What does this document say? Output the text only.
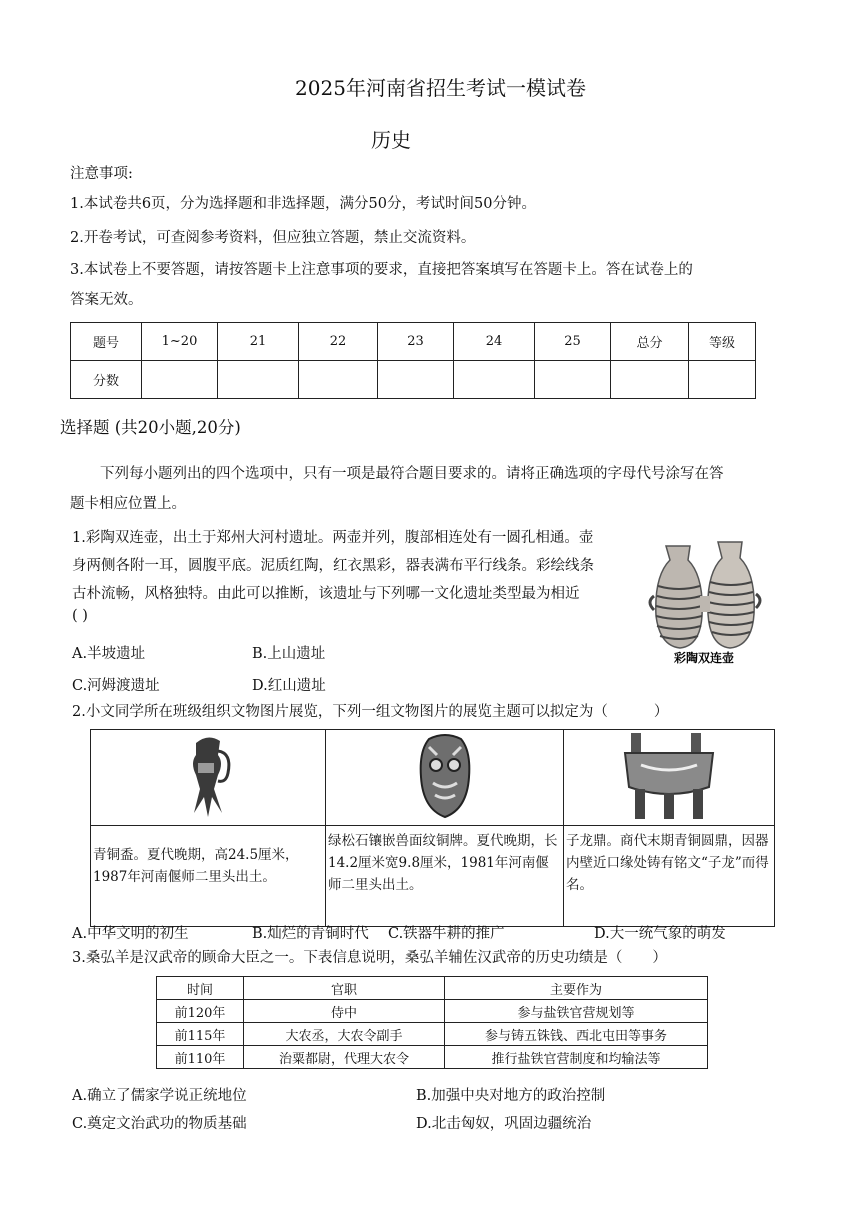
2025年河南省招生考试一模试卷
历史
注意事项:
1.本试卷共6页，分为选择题和非选择题，满分50分，考试时间50分钟。
2.开卷考试，可查阅参考资料，但应独立答题，禁止交流资料。
3.本试卷上不要答题，请按答题卡上注意事项的要求，直接把答案填写在答题卡上。答在试卷上的
答案无效。
题号	1~20	21	22	23	24	25	总分	等级
分数								
选择题 (共20小题,20分)
下列每小题列出的四个选项中，只有一项是最符合题目要求的。请将正确选项的字母代号涂写在答
题卡相应位置上。
1.彩陶双连壶，出土于郑州大河村遗址。两壶并列，腹部相连处有一圆孔相通。壶
身两侧各附一耳，圆腹平底。泥质红陶，红衣黑彩，器表满布平行线条。彩绘线条
古朴流畅，风格独特。由此可以推断，该遗址与下列哪一文化遗址类型最为相近
( )
彩陶双连壶
A.半坡遗址	B.上山遗址
C.河姆渡遗址	D.红山遗址
2.小文同学所在班级组织文物图片展览，下列一组文物图片的展览主题可以拟定为（	）

青铜盉。夏代晚期，高24.5厘米，1987年河南偃师二里头出土。	绿松石镶嵌兽面纹铜牌。夏代晚期，长14.2厘米宽9.8厘米，1981年河南偃师二里头出土。	子龙鼎。商代末期青铜圆鼎，因器内壁近口缘处铸有铭文“子龙”而得名。
A.中华文明的初生	B.灿烂的青铜时代 C.铁器牛耕的推广	D.大一统气象的萌发
3.桑弘羊是汉武帝的顾命大臣之一。下表信息说明，桑弘羊辅佐汉武帝的历史功绩是（ ）
时间	官职	主要作为
前120年	侍中	参与盐铁官营规划等
前115年	大农丞，大农令副手	参与铸五铢钱、西北屯田等事务
前110年	治粟都尉，代理大农令	推行盐铁官营制度和均输法等
A.确立了儒家学说正统地位	B.加强中央对地方的政治控制
C.奠定文治武功的物质基础	D.北击匈奴，巩固边疆统治
